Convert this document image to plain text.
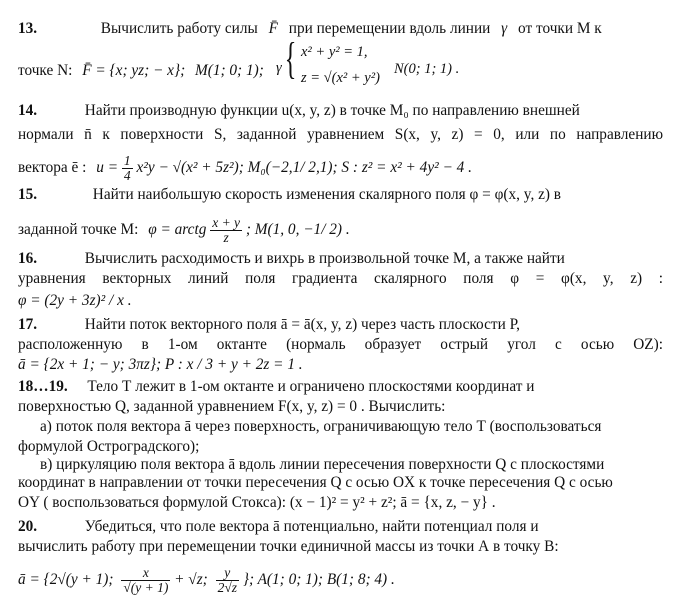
13.	Вычислить работу силы F̄ при перемещении вдоль линии γ от точки M к
точке N: F̄ = {x; yz; − x}; M(1; 0; 1); γ { x² + y² = 1,
z = √(x² + y²)
N(0; 1; 1) .
14.	Найти производную функции u(x, y, z) в точке M₀ по направлению внешней
нормали n̄ к поверхности S, заданной уравнением S(x, y, z) = 0, или по направлению
вектора ē : $u = \frac{1}{4} x^2y - √(x^2 + 5z^2)$; M₀(−2,1/ 2,1); S : z² = x² + 4y² − 4 .
15.	Найти наибольшую скорость изменения скалярного поля φ = φ(x, y, z) в
заданной точке М: φ = arctg $\frac{x + y}{z}$ ; M(1, 0, −1/ 2) .
16.	Вычислить расходимость и вихрь в произвольной точке М, а также найти
уравнения векторных линий поля градиента скалярного поля φ = φ(x, y, z) :
φ = (2y + 3z)² / x .
17.	Найти поток векторного поля ā = ā(x, y, z) через часть плоскости Р,
расположенную в 1-ом октанте (нормаль образует острый угол с осью OZ):
ā = {2x + 1; − y; 3πz}; P : x / 3 + y + 2z = 1 .
18…19. Тело Т лежит в 1-ом октанте и ограничено плоскостями координат и
поверхностью Q, заданной уравнением F(x, y, z) = 0 . Вычислить:
а) поток поля вектора ā через поверхность, ограничивающую тело Т (воспользоваться
формулой Остроградского);
в) циркуляцию поля вектора ā вдоль линии пересечения поверхности Q с плоскостями
координат в направлении от точки пересечения Q с осью OX к точке пересечения Q с осью
OY ( воспользоваться формулой Стокса): (x − 1)² = y² + z²; ā = {x, z, − y} .
20.	Убедиться, что поле вектора ā потенциально, найти потенциал поля и
вычислить работу при перемещении точки единичной массы из точки А в точку В:
ā = {2√(y + 1); $\frac{x}{√(y + 1)} + √z$; $\frac{y}{2√z}$ }; A(1; 0; 1); B(1; 8; 4) .
